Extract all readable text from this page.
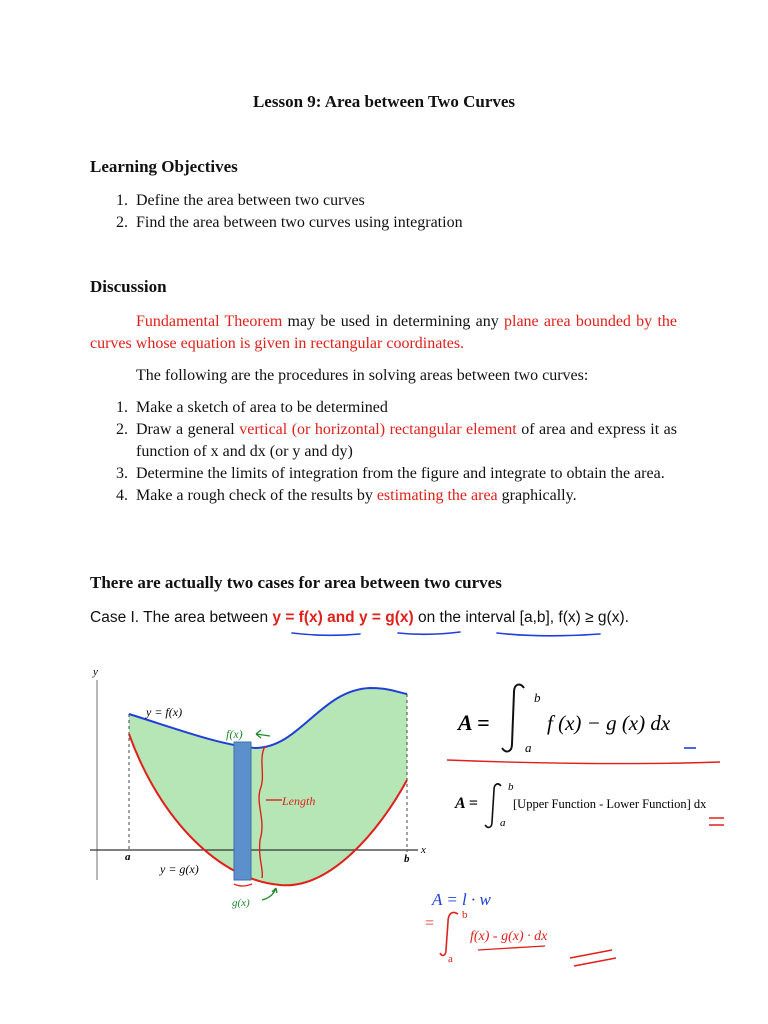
Lesson 9: Area between Two Curves
Learning Objectives
1. Define the area between two curves
2. Find the area between two curves using integration
Discussion
Fundamental Theorem may be used in determining any plane area bounded by the curves whose equation is given in rectangular coordinates.
The following are the procedures in solving areas between two curves:
1. Make a sketch of area to be determined
2. Draw a general vertical (or horizontal) rectangular element of area and express it as function of x and dx (or y and dy)
3. Determine the limits of integration from the figure and integrate to obtain the area.
4. Make a rough check of the results by estimating the area graphically.
There are actually two cases for area between two curves
Case I. The area between y = f(x) and y = g(x) on the interval [a,b], f(x) ≥ g(x).
y
x
a	b
y = f(x)
y = g(x)
f(x)
Length
g(x)
A =
b
a
f (x) − g (x) dx
A =
b
a
[Upper Function - Lower Function] dx
A = l · w
=	b
a
f(x) - g(x) · dx
